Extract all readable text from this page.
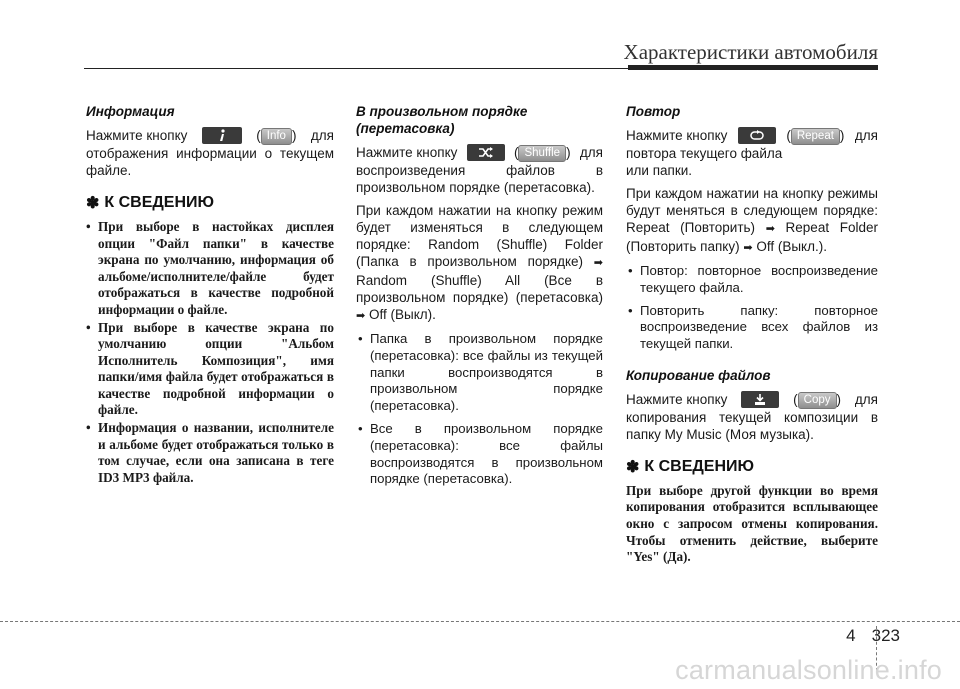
Характеристики автомобиля

Информация

Нажмите кнопку	( Info ) для
отображения информации о текущем файле.
✽ К СВЕДЕНИЮ
• При выборе в настойках дисплея опции "Файл папки" в качестве экрана по умолчанию, информация об альбоме/исполнителе/файле будет отображаться в качестве подробной информации о файле.
• При выборе в качестве экрана по умолчанию опции "Альбом Исполнитель Композиция", имя папки/имя файла будет отображаться в качестве подробной информации о файле.
• Информация о названии, исполнителе и альбоме будет отображаться только в том случае, если она записана в теге ID3 MP3 файла.

В произвольном порядке
(перетасовка)

Нажмите кнопку	( Shuffle ) для
воспроизведения файлов в произвольном порядке (перетасовка).

При каждом нажатии на кнопку режим будет изменяться в следующем порядке: Random (Shuffle) Folder (Папка в произвольном порядке) ➡ Random (Shuffle) All (Все в произвольном порядке) (перетасовка) ➡ Off (Выкл).

• Папка в произвольном порядке (перетасовка): все файлы из текущей папки воспроизводятся в произвольном порядке (перетасовка).
• Все в произвольном порядке (перетасовка): все файлы воспроизводятся в произвольном порядке (перетасовка).

Повтор

Нажмите кнопку	( Repeat ) для
повтора текущего файла
или папки.

При каждом нажатии на кнопку режимы будут меняться в следующем порядке: Repeat (Повторить) ➡ Repeat Folder (Повторить папку) ➡ Off (Выкл.).

• Повтор: повторное воспроизведение текущего файла.
• Повторить папку: повторное воспроизведение всех файлов из текущей папки.

Копирование файлов

Нажмите кнопку	( Copy ) для
копирования текущей композиции в папку My Music (Моя музыка).
✽ К СВЕДЕНИЮ

При выборе другой функции во время копирования отобразится всплывающее окно с запросом отмены копирования. Чтобы отменить действие, выберите "Yes" (Да).

4 323
carmanualsonline.info
